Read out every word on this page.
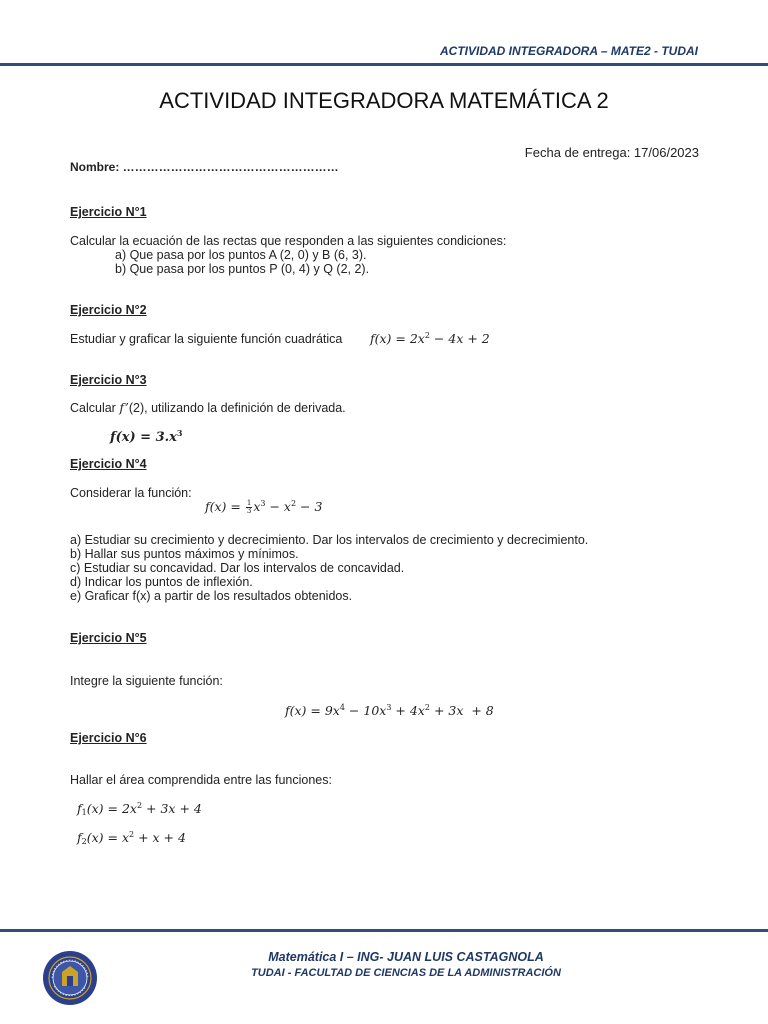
ACTIVIDAD INTEGRADORA – MATE2 - TUDAI
ACTIVIDAD INTEGRADORA MATEMÁTICA 2
Fecha de entrega: 17/06/2023
Nombre: ………………………………………………
Ejercicio N°1
Calcular la ecuación de las rectas que responden a las siguientes condiciones:
a) Que pasa por los puntos A (2, 0) y B (6, 3).
b) Que pasa por los puntos P (0, 4) y Q (2, 2).
Ejercicio N°2
Estudiar y graficar la siguiente función cuadrática $f(x) = 2x^2 - 4x + 2$
Ejercicio N°3
Calcular f’(2), utilizando la definición de derivada.
$f(x) = 3.x^3$
Ejercicio N°4
Considerar la función:
$f(x) = \frac{1}{3} x^3 - x^2 - 3$
a) Estudiar su crecimiento y decrecimiento. Dar los intervalos de crecimiento y decrecimiento.
b) Hallar sus puntos máximos y mínimos.
c) Estudiar su concavidad. Dar los intervalos de concavidad.
d) Indicar los puntos de inflexión.
e) Graficar f(x) a partir de los resultados obtenidos.
Ejercicio N°5
Integre la siguiente función:
$f(x) = 9x^4 - 10x^3 + 4x^2 + 3x + 8$
Ejercicio N°6
Hallar el área comprendida entre las funciones:
$f_1(x) = 2x^2 + 3x + 4$
$f_2(x) = x^2 + x + 4$
Matemática I – ING- JUAN LUIS CASTAGNOLA
TUDAI - FACULTAD DE CIENCIAS DE LA ADMINISTRACIÓN
